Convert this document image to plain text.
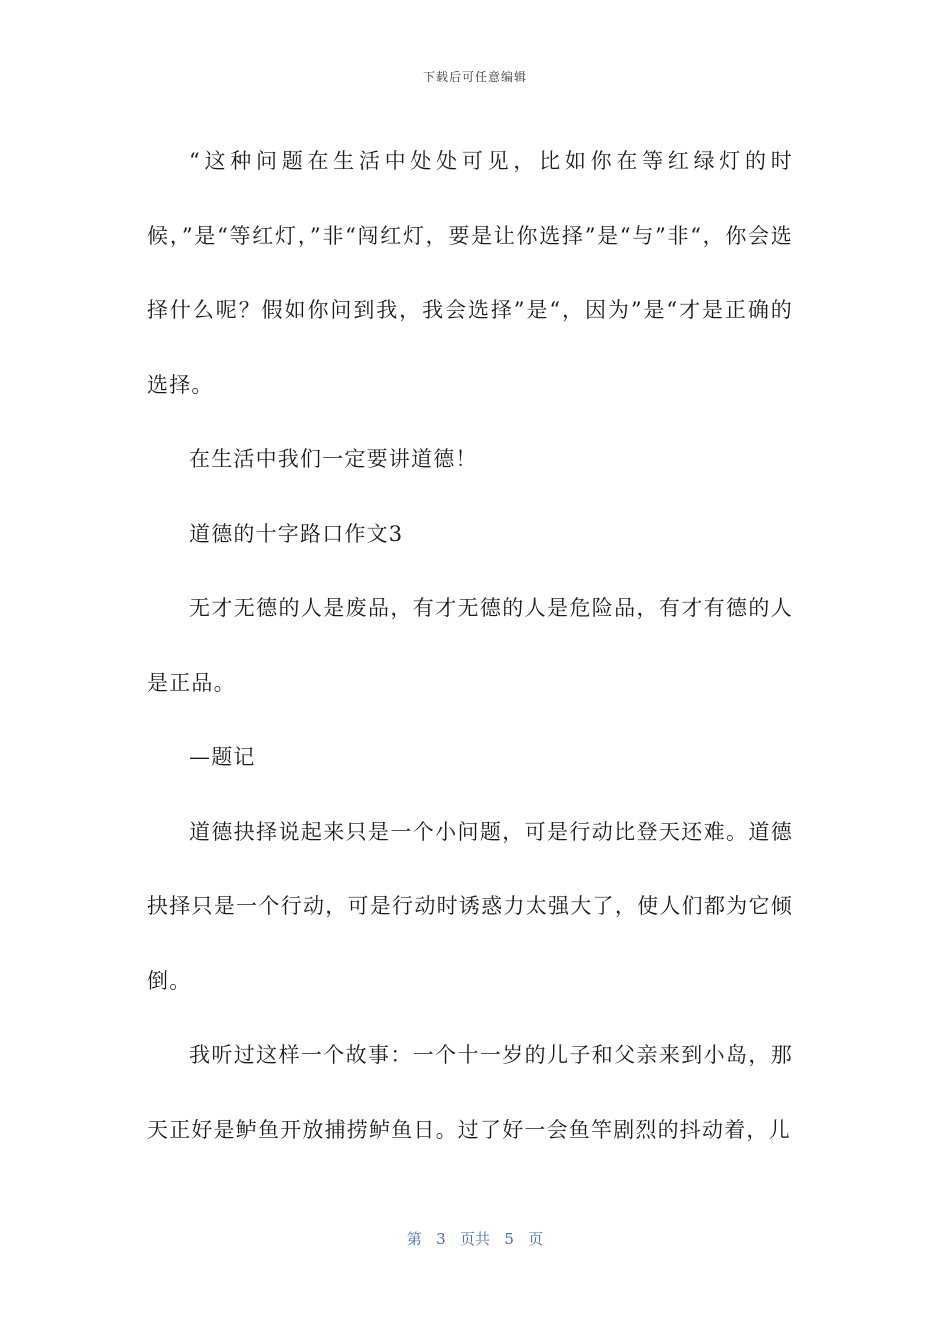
下载后可任意编辑

“这种问题在生活中处处可见，比如你在等红绿灯的时候，”是“等红灯，”非“闯红灯，要是让你选择”是“与”非“，你会选择什么呢？假如你问到我，我会选择”是“，因为”是“才是正确的选择。

在生活中我们一定要讲道德！

道德的十字路口作文3

无才无德的人是废品，有才无德的人是危险品，有才有德的人是正品。

—题记

道德抉择说起来只是一个小问题，可是行动比登天还难。道德抉择只是一个行动，可是行动时诱惑力太强大了，使人们都为它倾倒。

我听过这样一个故事：一个十一岁的儿子和父亲来到小岛，那天正好是鲈鱼开放捕捞鲈鱼日。过了好一会鱼竿剧烈的抖动着，儿

第 3 页共 5 页
